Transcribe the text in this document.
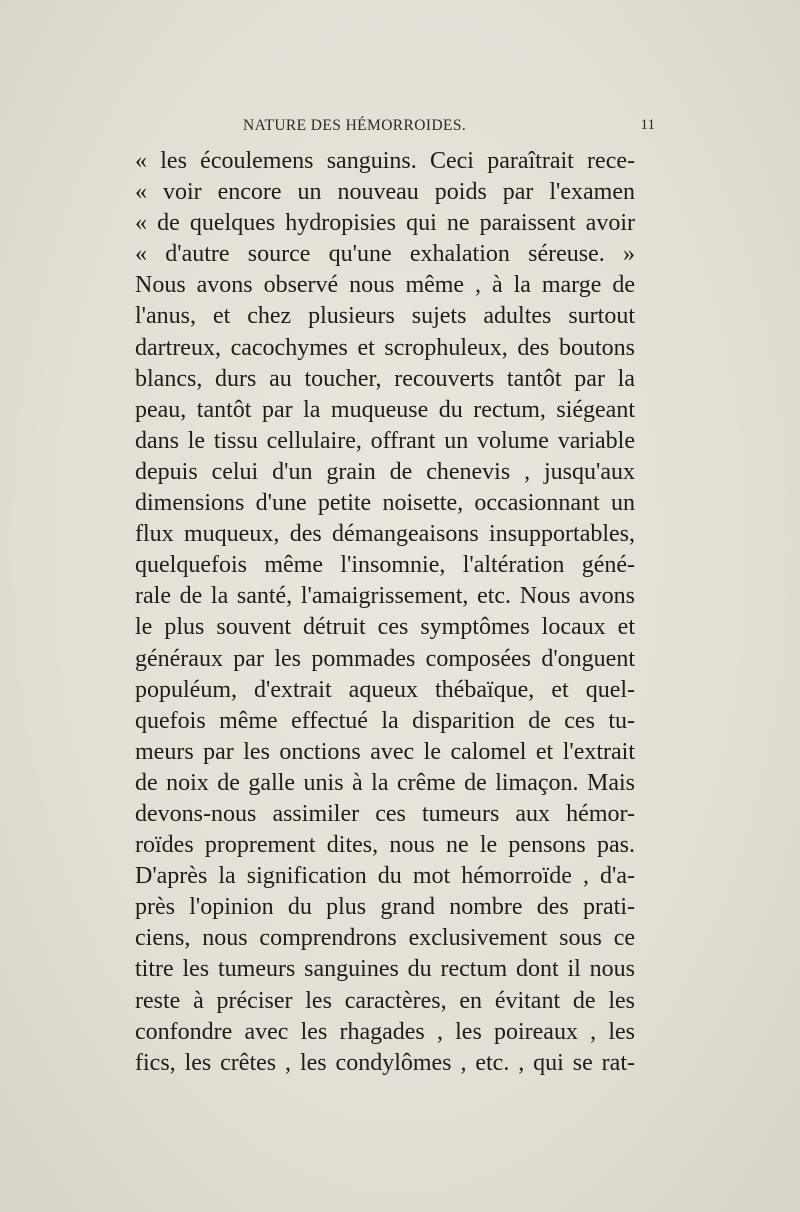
NATURE DES HÉMORROIDES.	11
« les écoulemens sanguins. Ceci paraîtrait rece-
« voir encore un nouveau poids par l'examen
« de quelques hydropisies qui ne paraissent avoir
« d'autre source qu'une exhalation séreuse. »
Nous avons observé nous même , à la marge de
l'anus, et chez plusieurs sujets adultes surtout
dartreux, cacochymes et scrophuleux, des boutons
blancs, durs au toucher, recouverts tantôt par la
peau, tantôt par la muqueuse du rectum, siégeant
dans le tissu cellulaire, offrant un volume variable
depuis celui d'un grain de chenevis , jusqu'aux
dimensions d'une petite noisette, occasionnant un
flux muqueux, des démangeaisons insupportables,
quelquefois même l'insomnie, l'altération géné-
rale de la santé, l'amaigrissement, etc. Nous avons
le plus souvent détruit ces symptômes locaux et
généraux par les pommades composées d'onguent
populéum, d'extrait aqueux thébaïque, et quel-
quefois même effectué la disparition de ces tu-
meurs par les onctions avec le calomel et l'extrait
de noix de galle unis à la crême de limaçon. Mais
devons-nous assimiler ces tumeurs aux hémor-
roïdes proprement dites, nous ne le pensons pas.
D'après la signification du mot hémorroïde , d'a-
près l'opinion du plus grand nombre des prati-
ciens, nous comprendrons exclusivement sous ce
titre les tumeurs sanguines du rectum dont il nous
reste à préciser les caractères, en évitant de les
confondre avec les rhagades , les poireaux , les
fics, les crêtes , les condylômes , etc. , qui se rat-
